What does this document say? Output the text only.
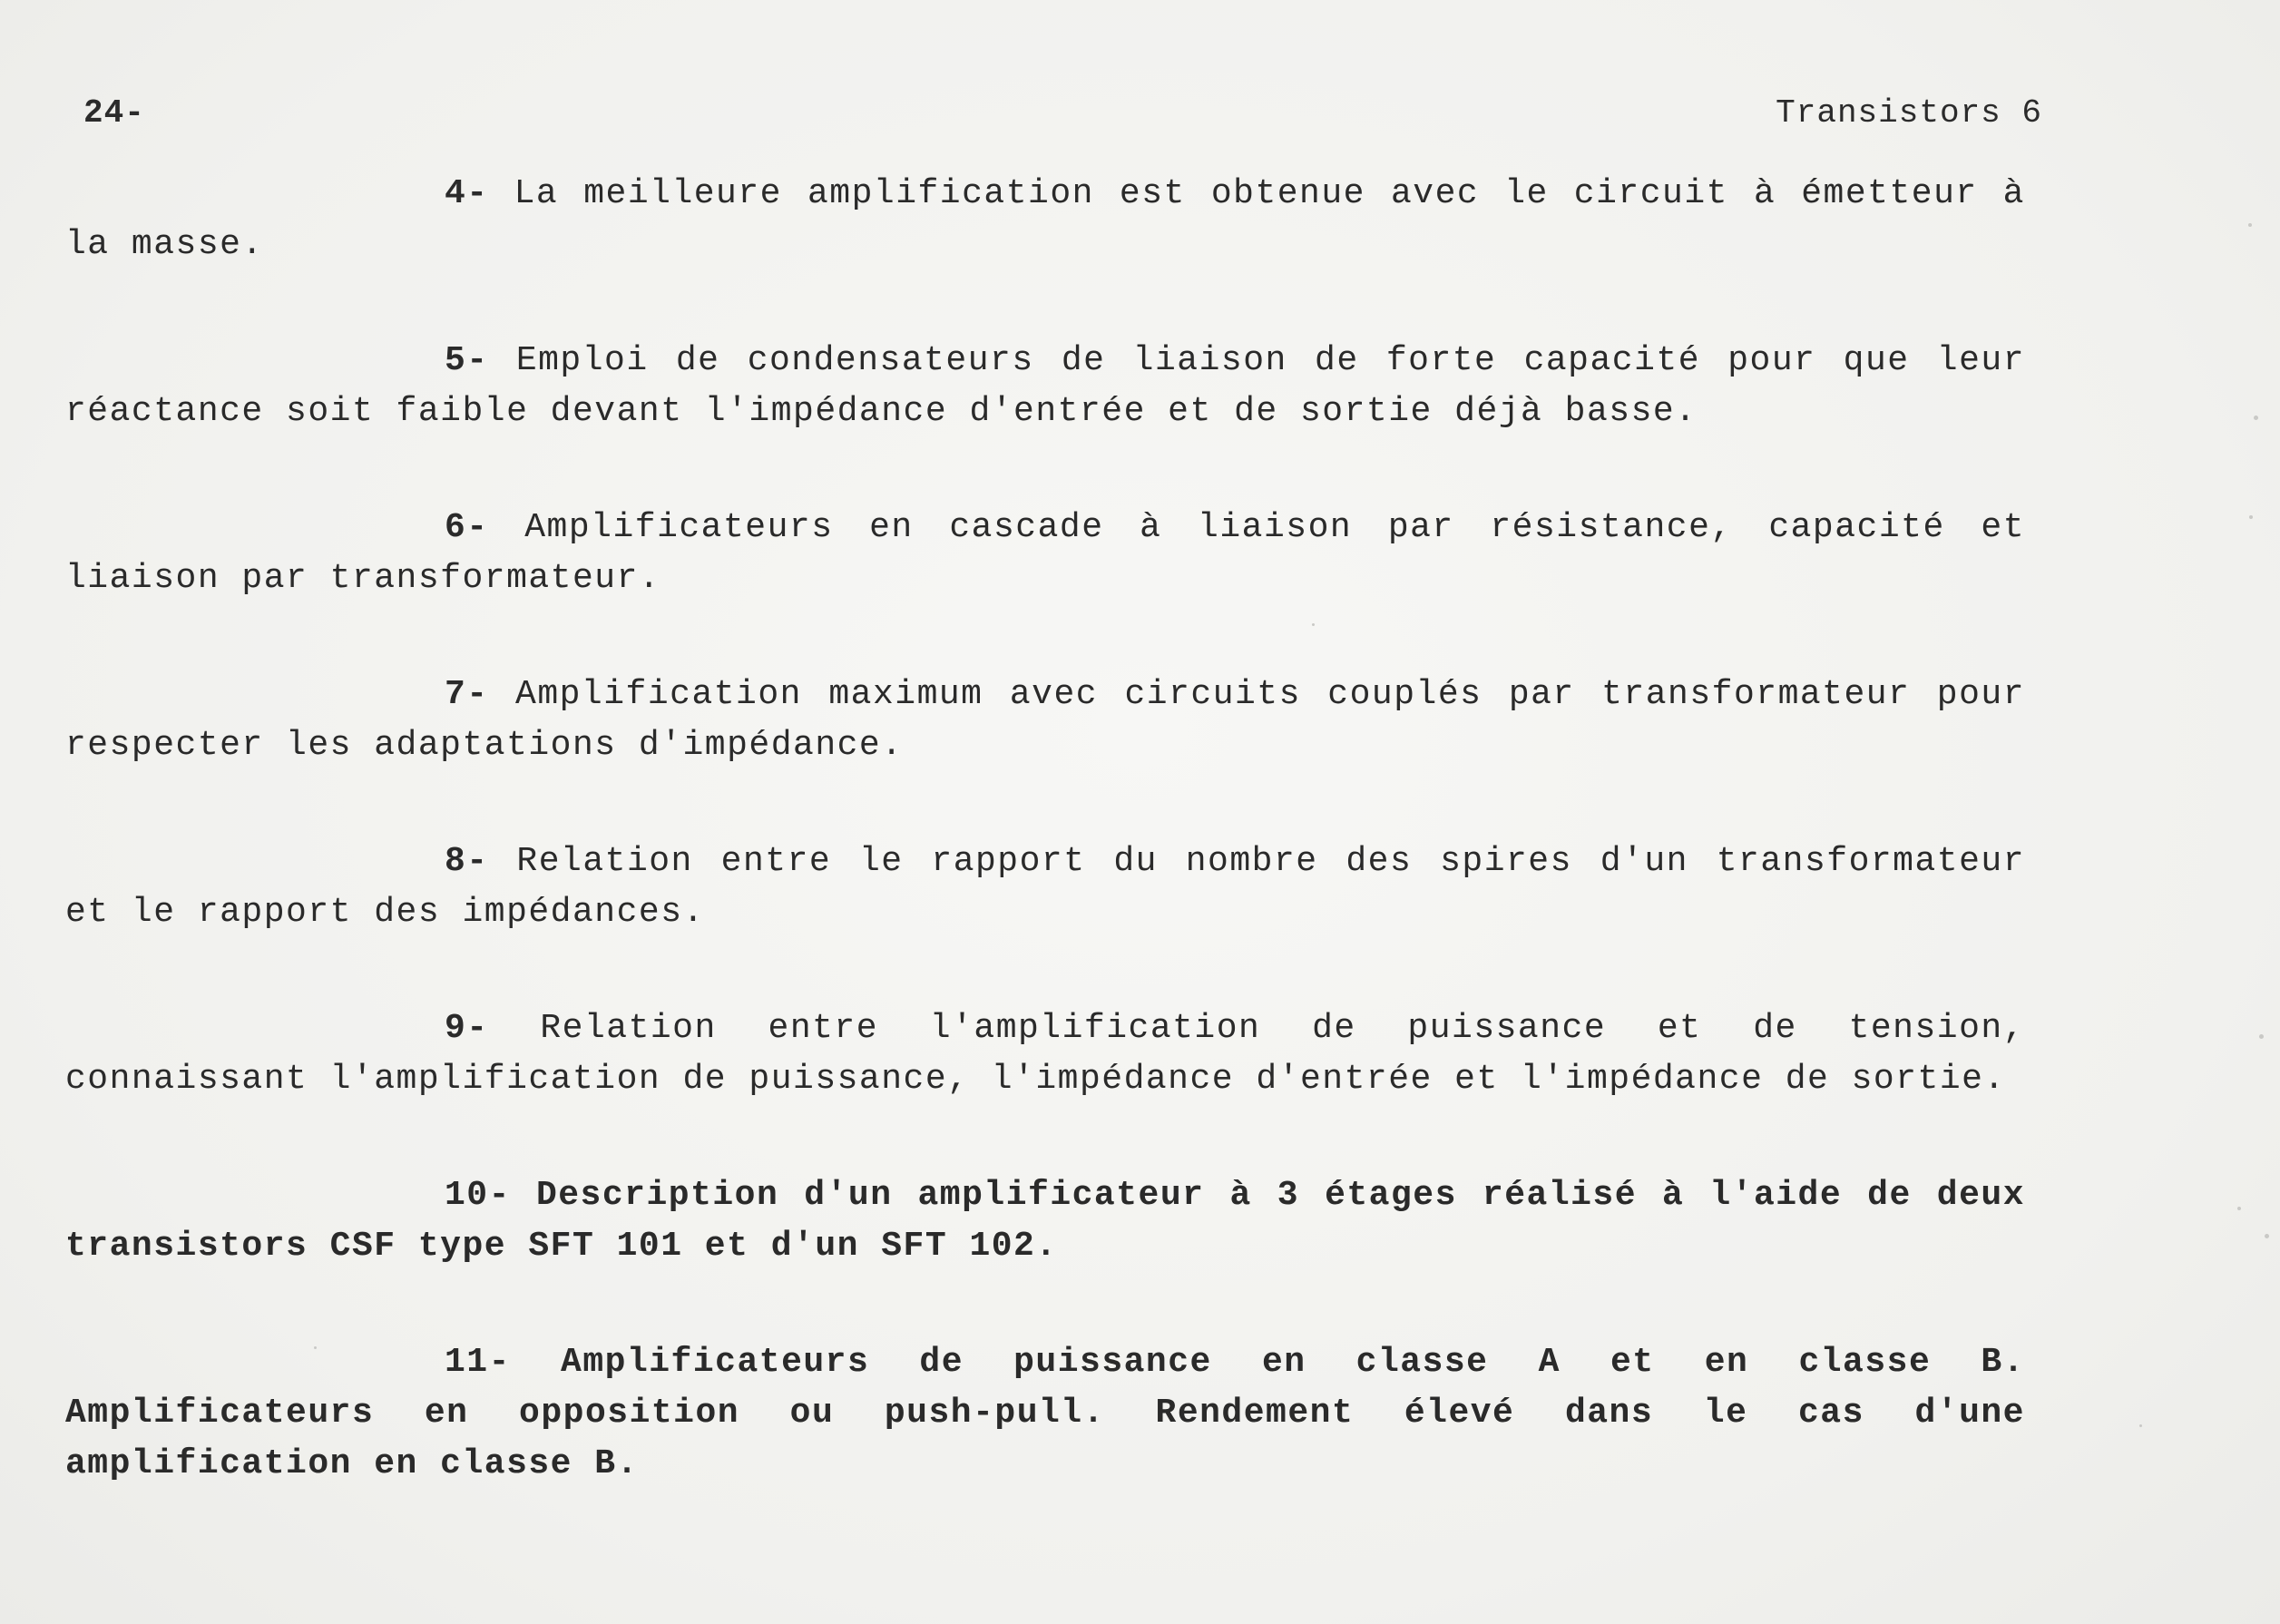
24-	Transistors 6

4- La meilleure amplification est obtenue avec le circuit à émetteur à la masse.

5- Emploi de condensateurs de liaison de forte capacité pour que leur réactance soit faible devant l'impédance d'entrée et de sortie déjà basse.

6- Amplificateurs en cascade à liaison par résistance, capacité et liaison par transformateur.

7- Amplification maximum avec circuits couplés par transformateur pour respecter les adaptations d'impédance.

8- Relation entre le rapport du nombre des spires d'un transformateur et le rapport des impédances.

9- Relation entre l'amplification de puissance et de tension, connaissant l'amplification de puissance, l'impédance d'entrée et l'impédance de sortie.

10- Description d'un amplificateur à 3 étages réalisé à l'aide de deux transistors CSF type SFT 101 et d'un SFT 102.

11- Amplificateurs de puissance en classe A et en classe B. Amplificateurs en opposition ou push-pull. Rendement élevé dans le cas d'une amplification en classe B.
